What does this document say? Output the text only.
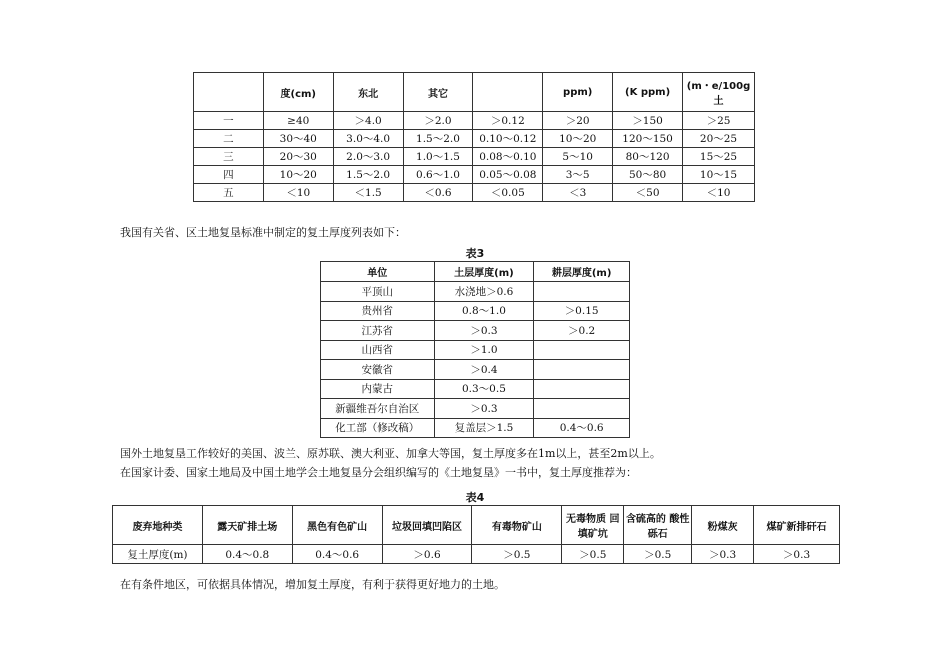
	度(cm)	东北	其它		ppm)	(K ppm)	(m・e/100g 土
一	≥40	＞4.0	＞2.0	＞0.12	＞20	＞150	＞25
二	30～40	3.0～4.0	1.5～2.0	0.10～0.12	10～20	120～150	20～25
三	20～30	2.0～3.0	1.0～1.5	0.08～0.10	5～10	80～120	15～25
四	10～20	1.5～2.0	0.6～1.0	0.05～0.08	3～5	50～80	10～15
五	＜10	＜1.5	＜0.6	＜0.05	＜3	＜50	＜10
我国有关省、区土地复垦标准中制定的复土厚度列表如下：
表3
单位	土层厚度(m)	耕层厚度(m)
平顶山	水浇地＞0.6	
贵州省	0.8～1.0	＞0.15
江苏省	＞0.3	＞0.2
山西省	＞1.0	
安徽省	＞0.4	
内蒙古	0.3～0.5	
新疆维吾尔自治区	＞0.3	
化工部（修改稿）	复盖层＞1.5	0.4～0.6
国外土地复垦工作较好的美国、波兰、原苏联、澳大利亚、加拿大等国，复土厚度多在1m以上，甚至2m以上。
在国家计委、国家土地局及中国土地学会土地复垦分会组织编写的《土地复垦》一书中，复土厚度推荐为：
表4
废弃地种类	露天矿排土场	黑色有色矿山	垃圾回填凹陷区	有毒物矿山	无毒物质 回填矿坑	含硫高的 酸性砾石	粉煤灰	煤矿新排矸石
复土厚度(m)	0.4～0.8	0.4～0.6	＞0.6	＞0.5	＞0.5	＞0.5	＞0.3	＞0.3
在有条件地区，可依据具体情况，增加复土厚度，有利于获得更好地力的土地。
